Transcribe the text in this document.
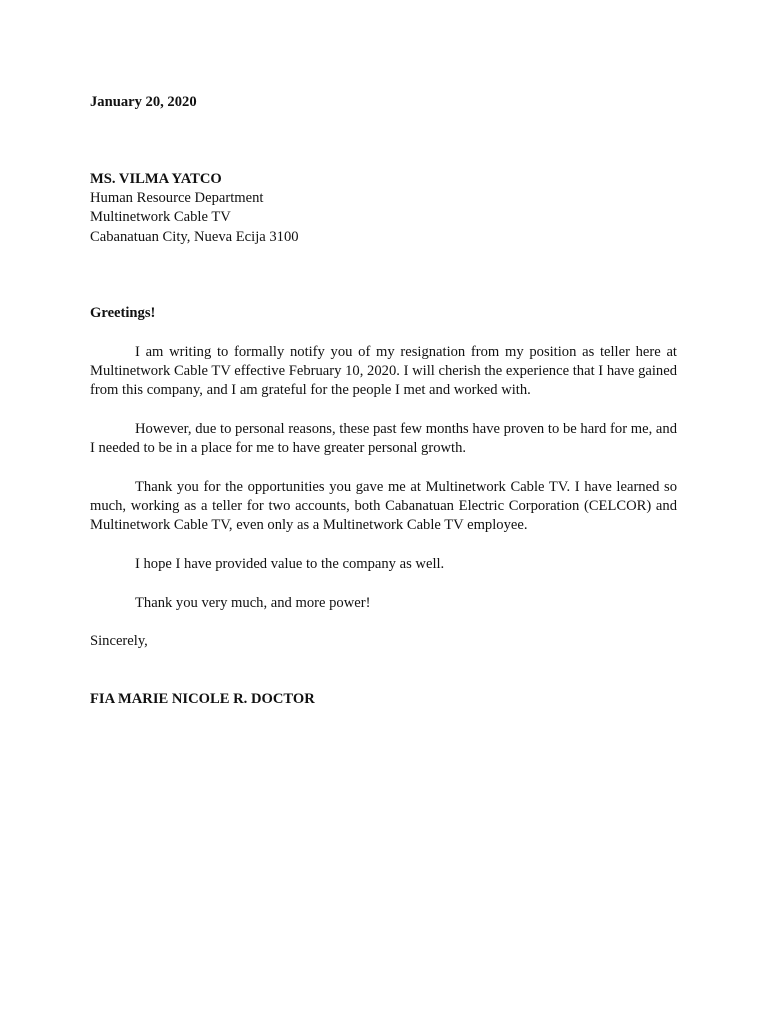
January 20, 2020

MS. VILMA YATCO
Human Resource Department
Multinetwork Cable TV
Cabanatuan City, Nueva Ecija 3100

Greetings!

I am writing to formally notify you of my resignation from my position as teller here at Multinetwork Cable TV effective February 10, 2020. I will cherish the experience that I have gained from this company, and I am grateful for the people I met and worked with.

However, due to personal reasons, these past few months have proven to be hard for me, and I needed to be in a place for me to have greater personal growth.

Thank you for the opportunities you gave me at Multinetwork Cable TV. I have learned so much, working as a teller for two accounts, both Cabanatuan Electric Corporation (CELCOR) and Multinetwork Cable TV, even only as a Multinetwork Cable TV employee.

I hope I have provided value to the company as well.

Thank you very much, and more power!

Sincerely,

FIA MARIE NICOLE R. DOCTOR
